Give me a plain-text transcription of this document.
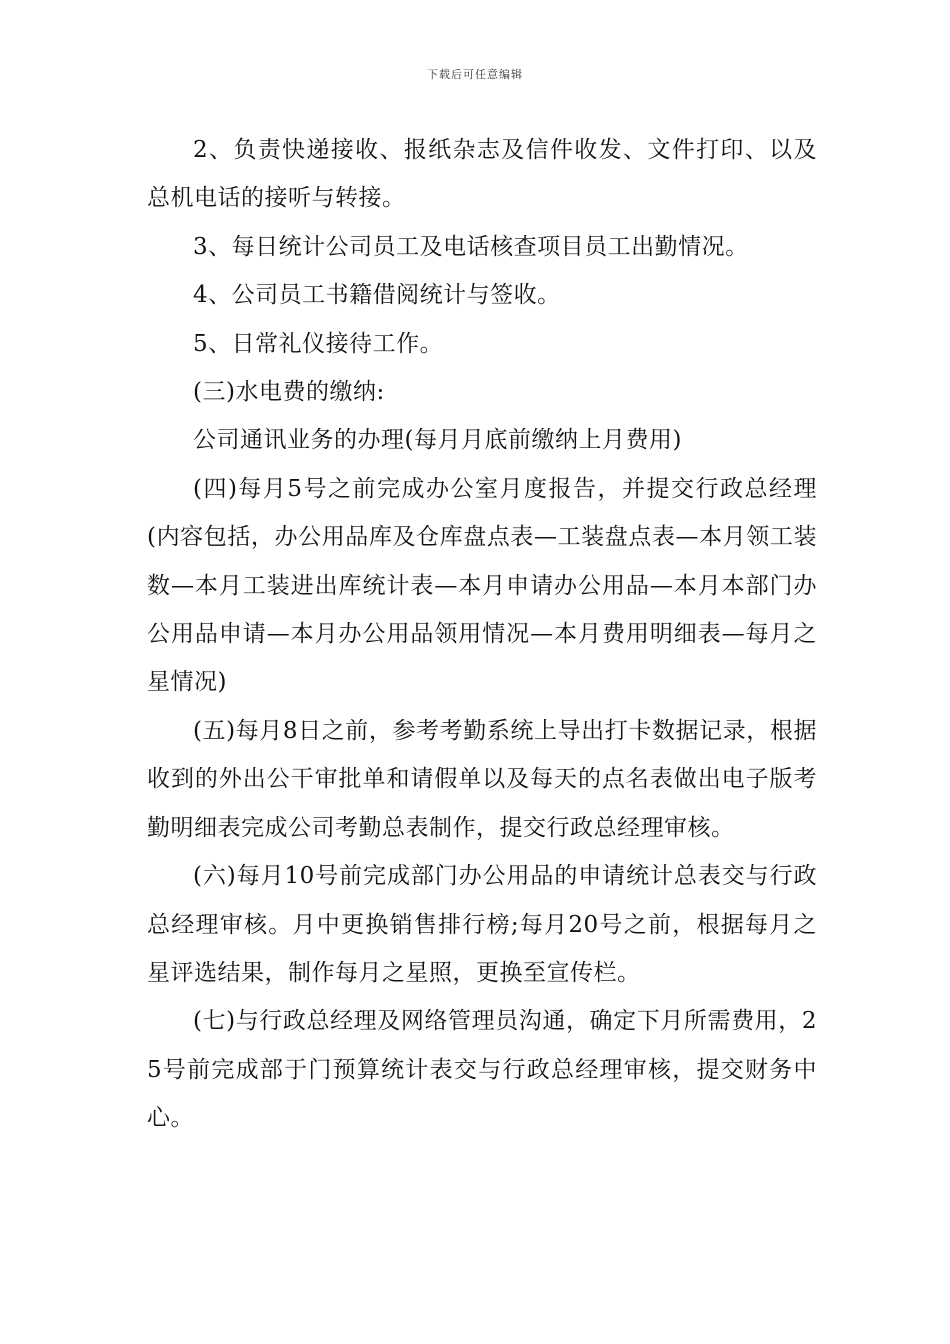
下载后可任意编辑

2、负责快递接收、报纸杂志及信件收发、文件打印、以及总机电话的接听与转接。

3、每日统计公司员工及电话核查项目员工出勤情况。

4、公司员工书籍借阅统计与签收。

5、日常礼仪接待工作。

(三)水电费的缴纳:

公司通讯业务的办理(每月月底前缴纳上月费用)

(四)每月5号之前完成办公室月度报告，并提交行政总经理(内容包括，办公用品库及仓库盘点表—工装盘点表—本月领工装数—本月工装进出库统计表—本月申请办公用品—本月本部门办公用品申请—本月办公用品领用情况—本月费用明细表—每月之星情况)

(五)每月8日之前，参考考勤系统上导出打卡数据记录，根据收到的外出公干审批单和请假单以及每天的点名表做出电子版考勤明细表完成公司考勤总表制作，提交行政总经理审核。

(六)每月10号前完成部门办公用品的申请统计总表交与行政总经理审核。月中更换销售排行榜;每月20号之前，根据每月之星评选结果，制作每月之星照，更换至宣传栏。

(七)与行政总经理及网络管理员沟通，确定下月所需费用，25号前完成部于门预算统计表交与行政总经理审核，提交财务中心。
